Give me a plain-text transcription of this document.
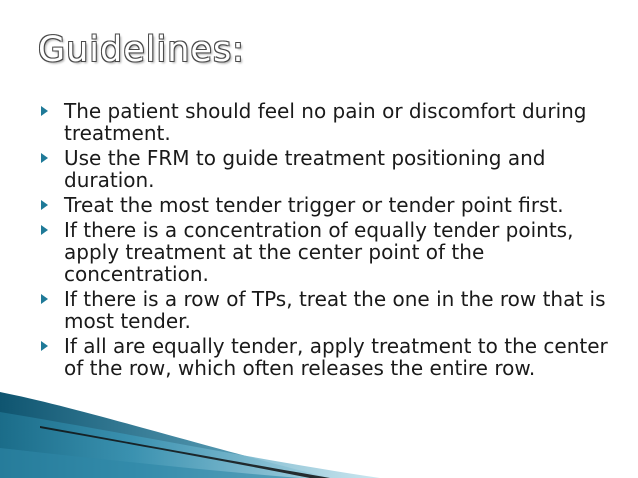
Guidelines:
The patient should feel no pain or discomfort during treatment.
Use the FRM to guide treatment positioning and duration.
Treat the most tender trigger or tender point first.
If there is a concentration of equally tender points, apply treatment at the center point of the concentration.
If there is a row of TPs, treat the one in the row that is most tender.
If all are equally tender, apply treatment to the center of the row, which often releases the entire row.
